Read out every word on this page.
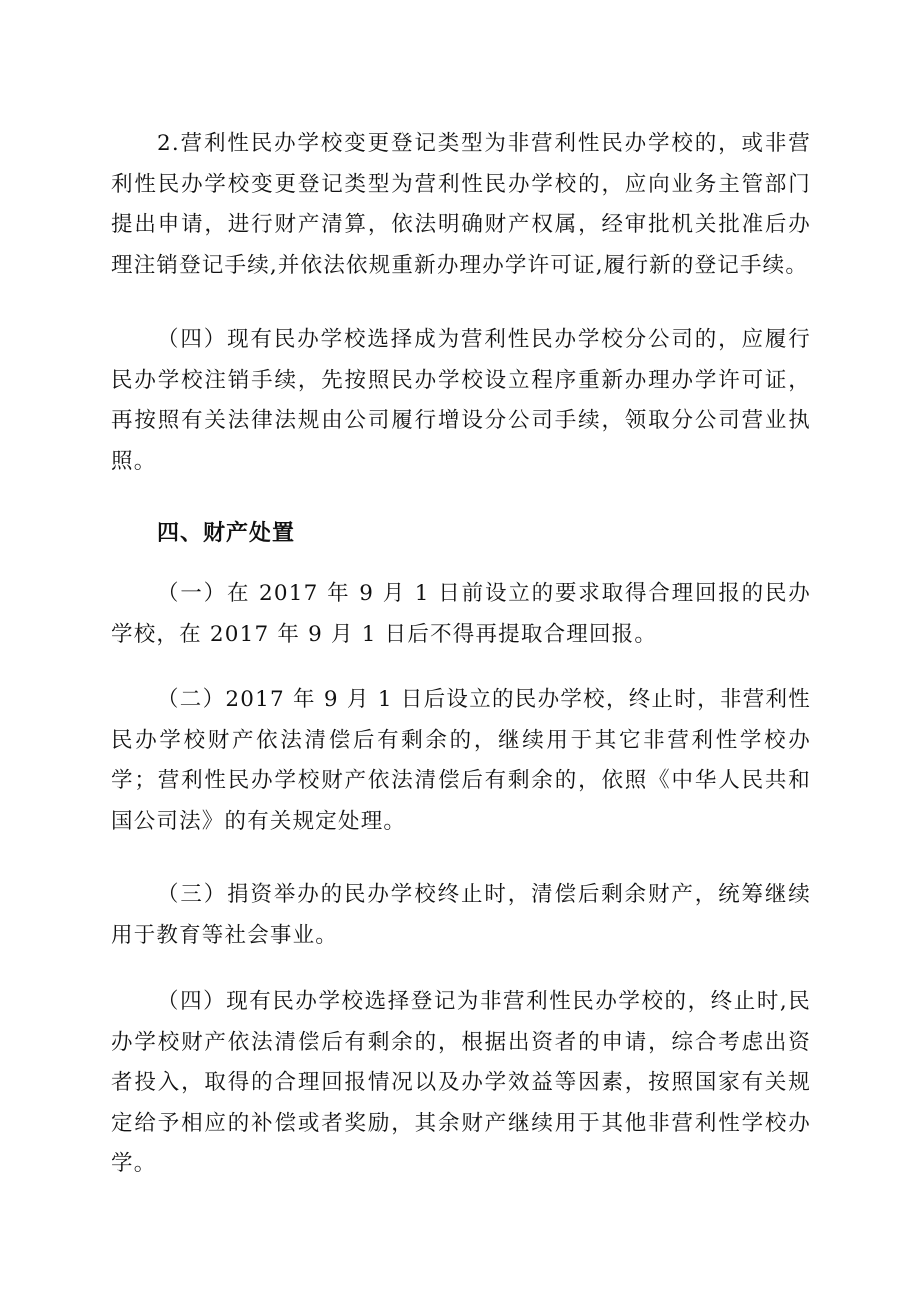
2.营利性民办学校变更登记类型为非营利性民办学校的，或非营利性民办学校变更登记类型为营利性民办学校的，应向业务主管部门提出申请，进行财产清算，依法明确财产权属，经审批机关批准后办理注销登记手续,并依法依规重新办理办学许可证,履行新的登记手续。

（四）现有民办学校选择成为营利性民办学校分公司的，应履行民办学校注销手续，先按照民办学校设立程序重新办理办学许可证，再按照有关法律法规由公司履行增设分公司手续，领取分公司营业执照。

四、财产处置

（一）在 2017 年 9 月 1 日前设立的要求取得合理回报的民办学校，在 2017 年 9 月 1 日后不得再提取合理回报。

（二）2017 年 9 月 1 日后设立的民办学校，终止时，非营利性民办学校财产依法清偿后有剩余的，继续用于其它非营利性学校办学；营利性民办学校财产依法清偿后有剩余的，依照《中华人民共和国公司法》的有关规定处理。

（三）捐资举办的民办学校终止时，清偿后剩余财产，统筹继续用于教育等社会事业。

（四）现有民办学校选择登记为非营利性民办学校的，终止时,民办学校财产依法清偿后有剩余的，根据出资者的申请，综合考虑出资者投入，取得的合理回报情况以及办学效益等因素，按照国家有关规定给予相应的补偿或者奖励，其余财产继续用于其他非营利性学校办学。
